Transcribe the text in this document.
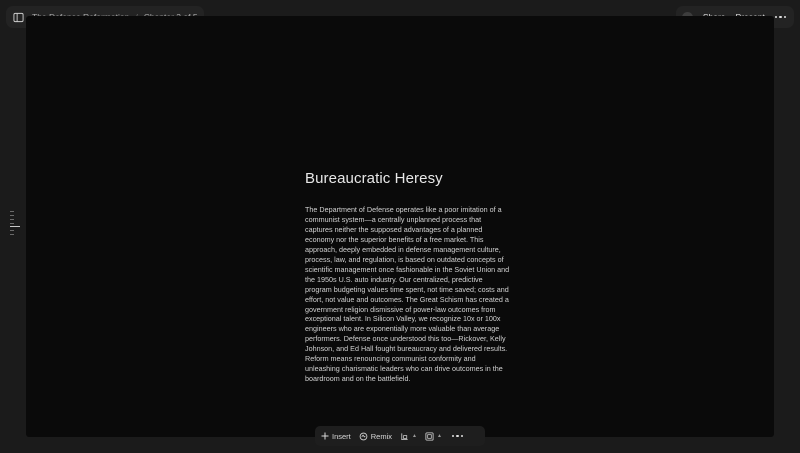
Bureaucratic Heresy

The Department of Defense operates like a poor imitation of a communist system—a centrally unplanned process that captures neither the supposed advantages of a planned economy nor the superior benefits of a free market. This approach, deeply embedded in defense management culture, process, law, and regulation, is based on outdated concepts of scientific management once fashionable in the Soviet Union and the 1950s U.S. auto industry. Our centralized, predictive program budgeting values time spent, not time saved; costs and effort, not value and outcomes. The Great Schism has created a government religion dismissive of power-law outcomes from exceptional talent. In Silicon Valley, we recognize 10x or 100x engineers who are exponentially more valuable than average performers. Defense once understood this too—Rickover, Kelly Johnson, and Ed Hall fought bureaucracy and delivered results. Reform means renouncing communist conformity and unleashing charismatic leaders who can drive outcomes in the boardroom and on the battlefield.

Insert	Remix	▲	▲
